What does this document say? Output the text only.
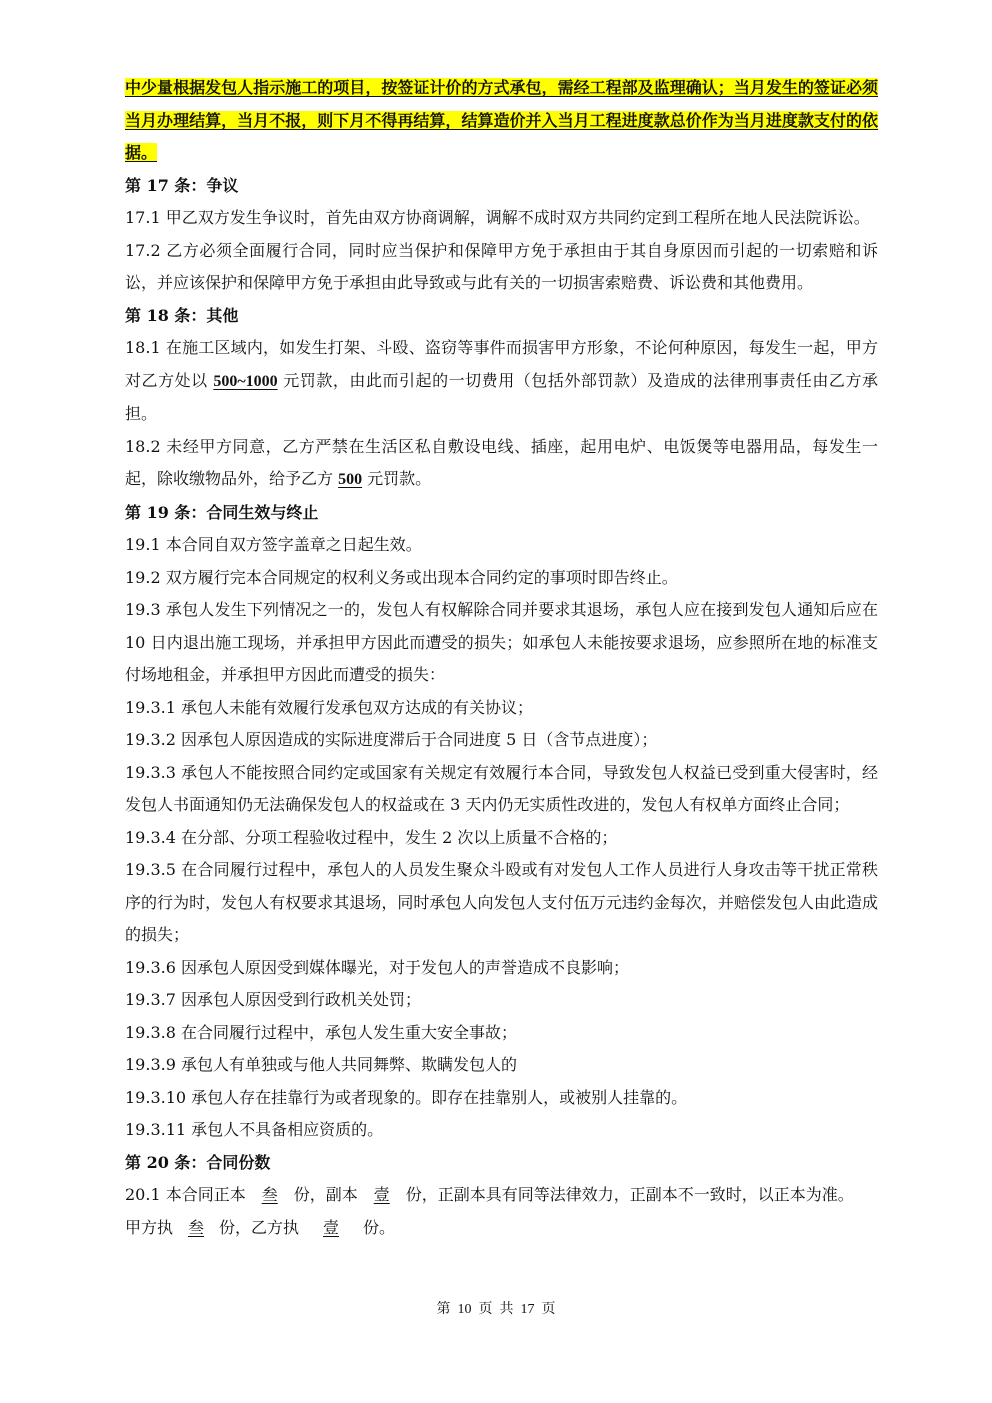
中少量根据发包人指示施工的项目，按签证计价的方式承包，需经工程部及监理确认；当月发生的签证必须当月办理结算，当月不报，则下月不得再结算，结算造价并入当月工程进度款总价作为当月进度款支付的依据。

第 17 条：争议

17.1 甲乙双方发生争议时，首先由双方协商调解，调解不成时双方共同约定到工程所在地人民法院诉讼。

17.2 乙方必须全面履行合同，同时应当保护和保障甲方免于承担由于其自身原因而引起的一切索赔和诉讼，并应该保护和保障甲方免于承担由此导致或与此有关的一切损害索赔费、诉讼费和其他费用。

第 18 条：其他

18.1 在施工区域内，如发生打架、斗殴、盗窃等事件而损害甲方形象，不论何种原因，每发生一起，甲方对乙方处以 500~1000 元罚款，由此而引起的一切费用（包括外部罚款）及造成的法律刑事责任由乙方承担。

18.2 未经甲方同意，乙方严禁在生活区私自敷设电线、插座，起用电炉、电饭煲等电器用品，每发生一起，除收缴物品外，给予乙方 500 元罚款。

第 19 条：合同生效与终止

19.1 本合同自双方签字盖章之日起生效。

19.2 双方履行完本合同规定的权利义务或出现本合同约定的事项时即告终止。

19.3 承包人发生下列情况之一的，发包人有权解除合同并要求其退场，承包人应在接到发包人通知后应在 10 日内退出施工现场，并承担甲方因此而遭受的损失；如承包人未能按要求退场，应参照所在地的标准支付场地租金，并承担甲方因此而遭受的损失：

19.3.1 承包人未能有效履行发承包双方达成的有关协议；

19.3.2 因承包人原因造成的实际进度滞后于合同进度 5 日（含节点进度）；

19.3.3 承包人不能按照合同约定或国家有关规定有效履行本合同，导致发包人权益已受到重大侵害时，经发包人书面通知仍无法确保发包人的权益或在 3 天内仍无实质性改进的，发包人有权单方面终止合同；

19.3.4 在分部、分项工程验收过程中，发生 2 次以上质量不合格的；

19.3.5 在合同履行过程中，承包人的人员发生聚众斗殴或有对发包人工作人员进行人身攻击等干扰正常秩序的行为时，发包人有权要求其退场，同时承包人向发包人支付伍万元违约金每次，并赔偿发包人由此造成的损失；

19.3.6 因承包人原因受到媒体曝光，对于发包人的声誉造成不良影响；

19.3.7 因承包人原因受到行政机关处罚；

19.3.8 在合同履行过程中，承包人发生重大安全事故；

19.3.9 承包人有单独或与他人共同舞弊、欺瞒发包人的

19.3.10 承包人存在挂靠行为或者现象的。即存在挂靠别人，或被别人挂靠的。

19.3.11 承包人不具备相应资质的。

第 20 条：合同份数

20.1 本合同正本 叁 份，副本 壹 份，正副本具有同等法律效力，正副本不一致时，以正本为准。

甲方执 叁 份，乙方执 壹 份。

第  10  页  共  17  页
